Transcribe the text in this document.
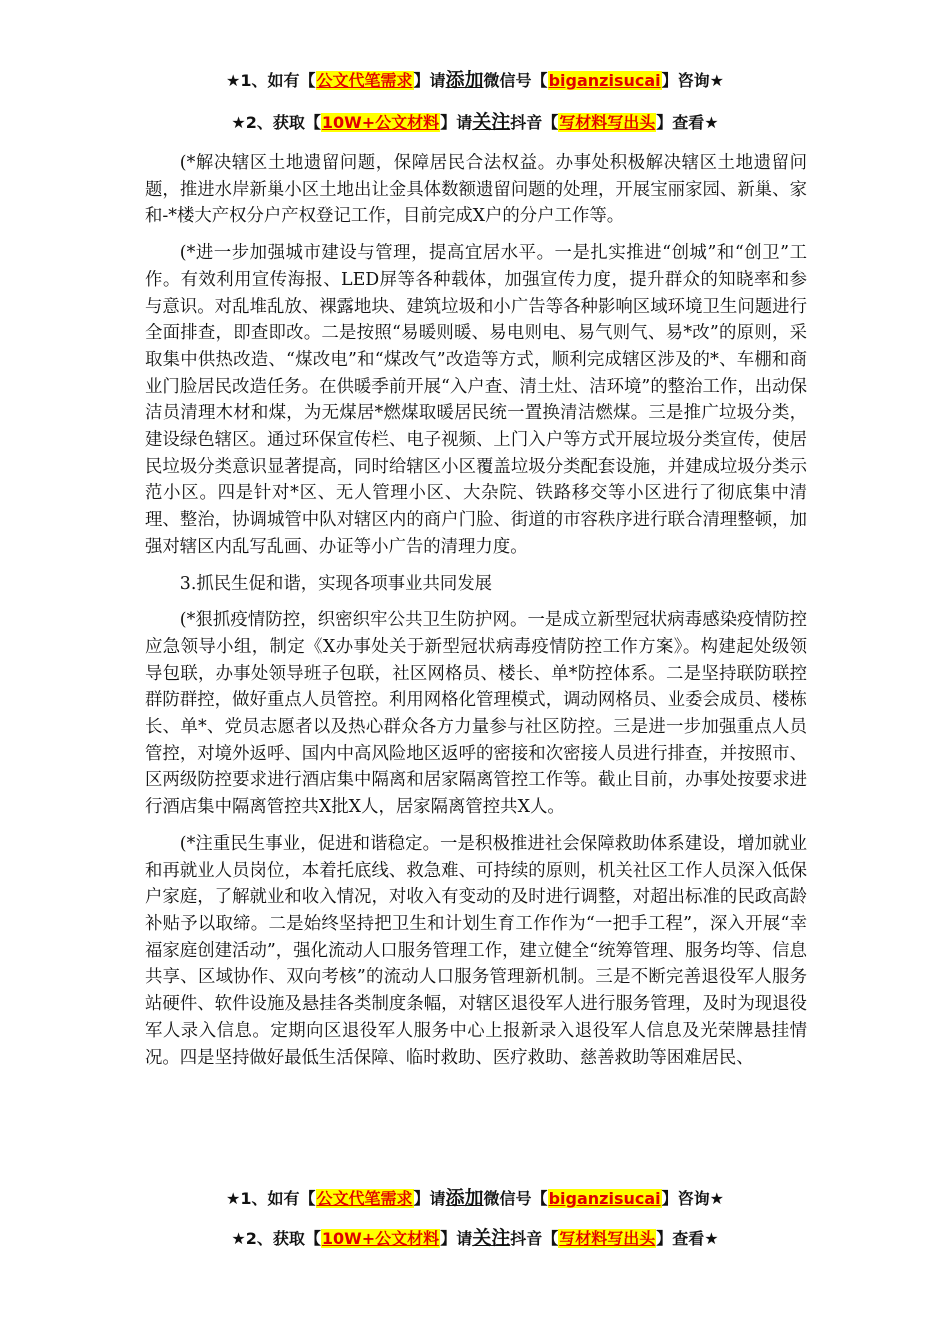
★1、如有【公文代笔需求】请添加微信号【biganzisucai】咨询★
★2、获取【10W+公文材料】请关注抖音【写材料写出头】查看★

(*解决辖区土地遗留问题，保障居民合法权益。办事处积极解决辖区土地遗留问题，推进水岸新巢小区土地出让金具体数额遗留问题的处理，开展宝丽家园、新巢、家和-*楼大产权分户产权登记工作，目前完成X户的分户工作等。

(*进一步加强城市建设与管理，提高宜居水平。一是扎实推进“创城”和“创卫”工作。有效利用宣传海报、LED屏等各种载体，加强宣传力度，提升群众的知晓率和参与意识。对乱堆乱放、裸露地块、建筑垃圾和小广告等各种影响区域环境卫生问题进行全面排查，即查即改。二是按照“易暖则暖、易电则电、易气则气、易*改”的原则，采取集中供热改造、“煤改电”和“煤改气”改造等方式，顺利完成辖区涉及的*、车棚和商业门脸居民改造任务。在供暖季前开展“入户查、清土灶、洁环境”的整治工作，出动保洁员清理木材和煤，为无煤居*燃煤取暖居民统一置换清洁燃煤。三是推广垃圾分类，建设绿色辖区。通过环保宣传栏、电子视频、上门入户等方式开展垃圾分类宣传，使居民垃圾分类意识显著提高，同时给辖区小区覆盖垃圾分类配套设施，并建成垃圾分类示范小区。四是针对*区、无人管理小区、大杂院、铁路移交等小区进行了彻底集中清理、整治，协调城管中队对辖区内的商户门脸、街道的市容秩序进行联合清理整顿，加强对辖区内乱写乱画、办证等小广告的清理力度。

3.抓民生促和谐，实现各项事业共同发展

(*狠抓疫情防控，织密织牢公共卫生防护网。一是成立新型冠状病毒感染疫情防控应急领导小组，制定《X办事处关于新型冠状病毒疫情防控工作方案》。构建起处级领导包联，办事处领导班子包联，社区网格员、楼长、单*防控体系。二是坚持联防联控群防群控，做好重点人员管控。利用网格化管理模式，调动网格员、业委会成员、楼栋长、单*、党员志愿者以及热心群众各方力量参与社区防控。三是进一步加强重点人员管控，对境外返呼、国内中高风险地区返呼的密接和次密接人员进行排查，并按照市、区两级防控要求进行酒店集中隔离和居家隔离管控工作等。截止目前，办事处按要求进行酒店集中隔离管控共X批X人，居家隔离管控共X人。

(*注重民生事业，促进和谐稳定。一是积极推进社会保障救助体系建设，增加就业和再就业人员岗位，本着托底线、救急难、可持续的原则，机关社区工作人员深入低保户家庭，了解就业和收入情况，对收入有变动的及时进行调整，对超出标准的民政高龄补贴予以取缔。二是始终坚持把卫生和计划生育工作作为“一把手工程”，深入开展“幸福家庭创建活动”，强化流动人口服务管理工作，建立健全“统筹管理、服务均等、信息共享、区域协作、双向考核”的流动人口服务管理新机制。三是不断完善退役军人服务站硬件、软件设施及悬挂各类制度条幅，对辖区退役军人进行服务管理，及时为现退役军人录入信息。定期向区退役军人服务中心上报新录入退役军人信息及光荣牌悬挂情况。四是坚持做好最低生活保障、临时救助、医疗救助、慈善救助等困难居民、

★1、如有【公文代笔需求】请添加微信号【biganzisucai】咨询★
★2、获取【10W+公文材料】请关注抖音【写材料写出头】查看★
